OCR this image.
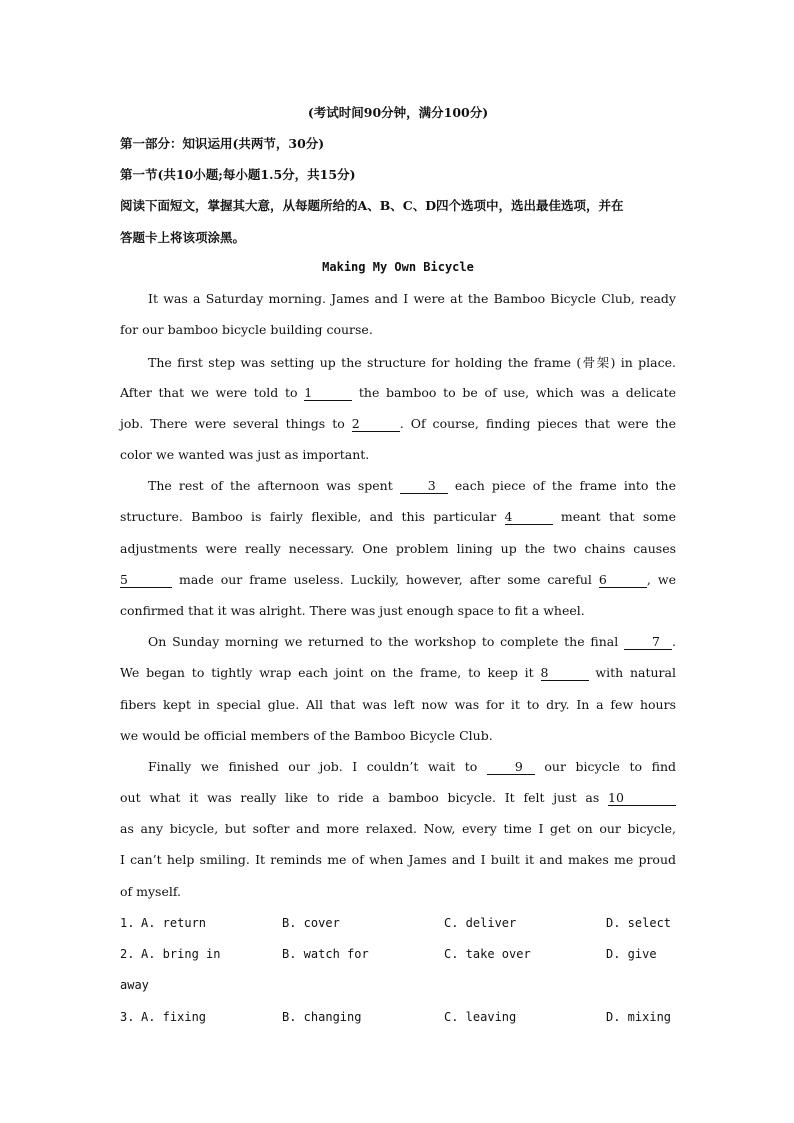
(考试时间90分钟，满分100分)
第一部分：知识运用(共两节，30分)
第一节(共10小题;每小题1.5分，共15分)
阅读下面短文，掌握其大意，从每题所给的A、B、C、D四个选项中，选出最佳选项，并在
答题卡上将该项涂黑。
Making My Own Bicycle
It was a Saturday morning. James and I were at the Bamboo Bicycle Club, ready
for our bamboo bicycle building course.
The first step was setting up the structure for holding the frame (骨架) in place.
After that we were told to 1	the bamboo to be of use, which was a delicate
job. There were several things to 2	. Of course, finding pieces that were the
color we wanted was just as important.
The rest of the afternoon was spent 3 each piece of the frame into the
structure. Bamboo is fairly flexible, and this particular 4	meant that some
adjustments were really necessary. One problem lining up the two chains causes
5	made our frame useless. Luckily, however, after some careful 6	, we
confirmed that it was alright. There was just enough space to fit a wheel.
On Sunday morning we returned to the workshop to complete the final 7 .
We began to tightly wrap each joint on the frame, to keep it 8	with natural
fibers kept in special glue. All that was left now was for it to dry. In a few hours
we would be official members of the Bamboo Bicycle Club.
Finally we finished our job. I couldn’t wait to 9 our bicycle to find
out what it was really like to ride a bamboo bicycle. It felt just as 10
as any bicycle, but softer and more relaxed. Now, every time I get on our bicycle,
I can’t help smiling. It reminds me of when James and I built it and makes me proud
of myself.
1. A. return	B. cover	C. deliver	D. select
2. A. bring in	B. watch for	C. take over	D. give
away
3. A. fixing	B. changing	C. leaving	D. mixing
